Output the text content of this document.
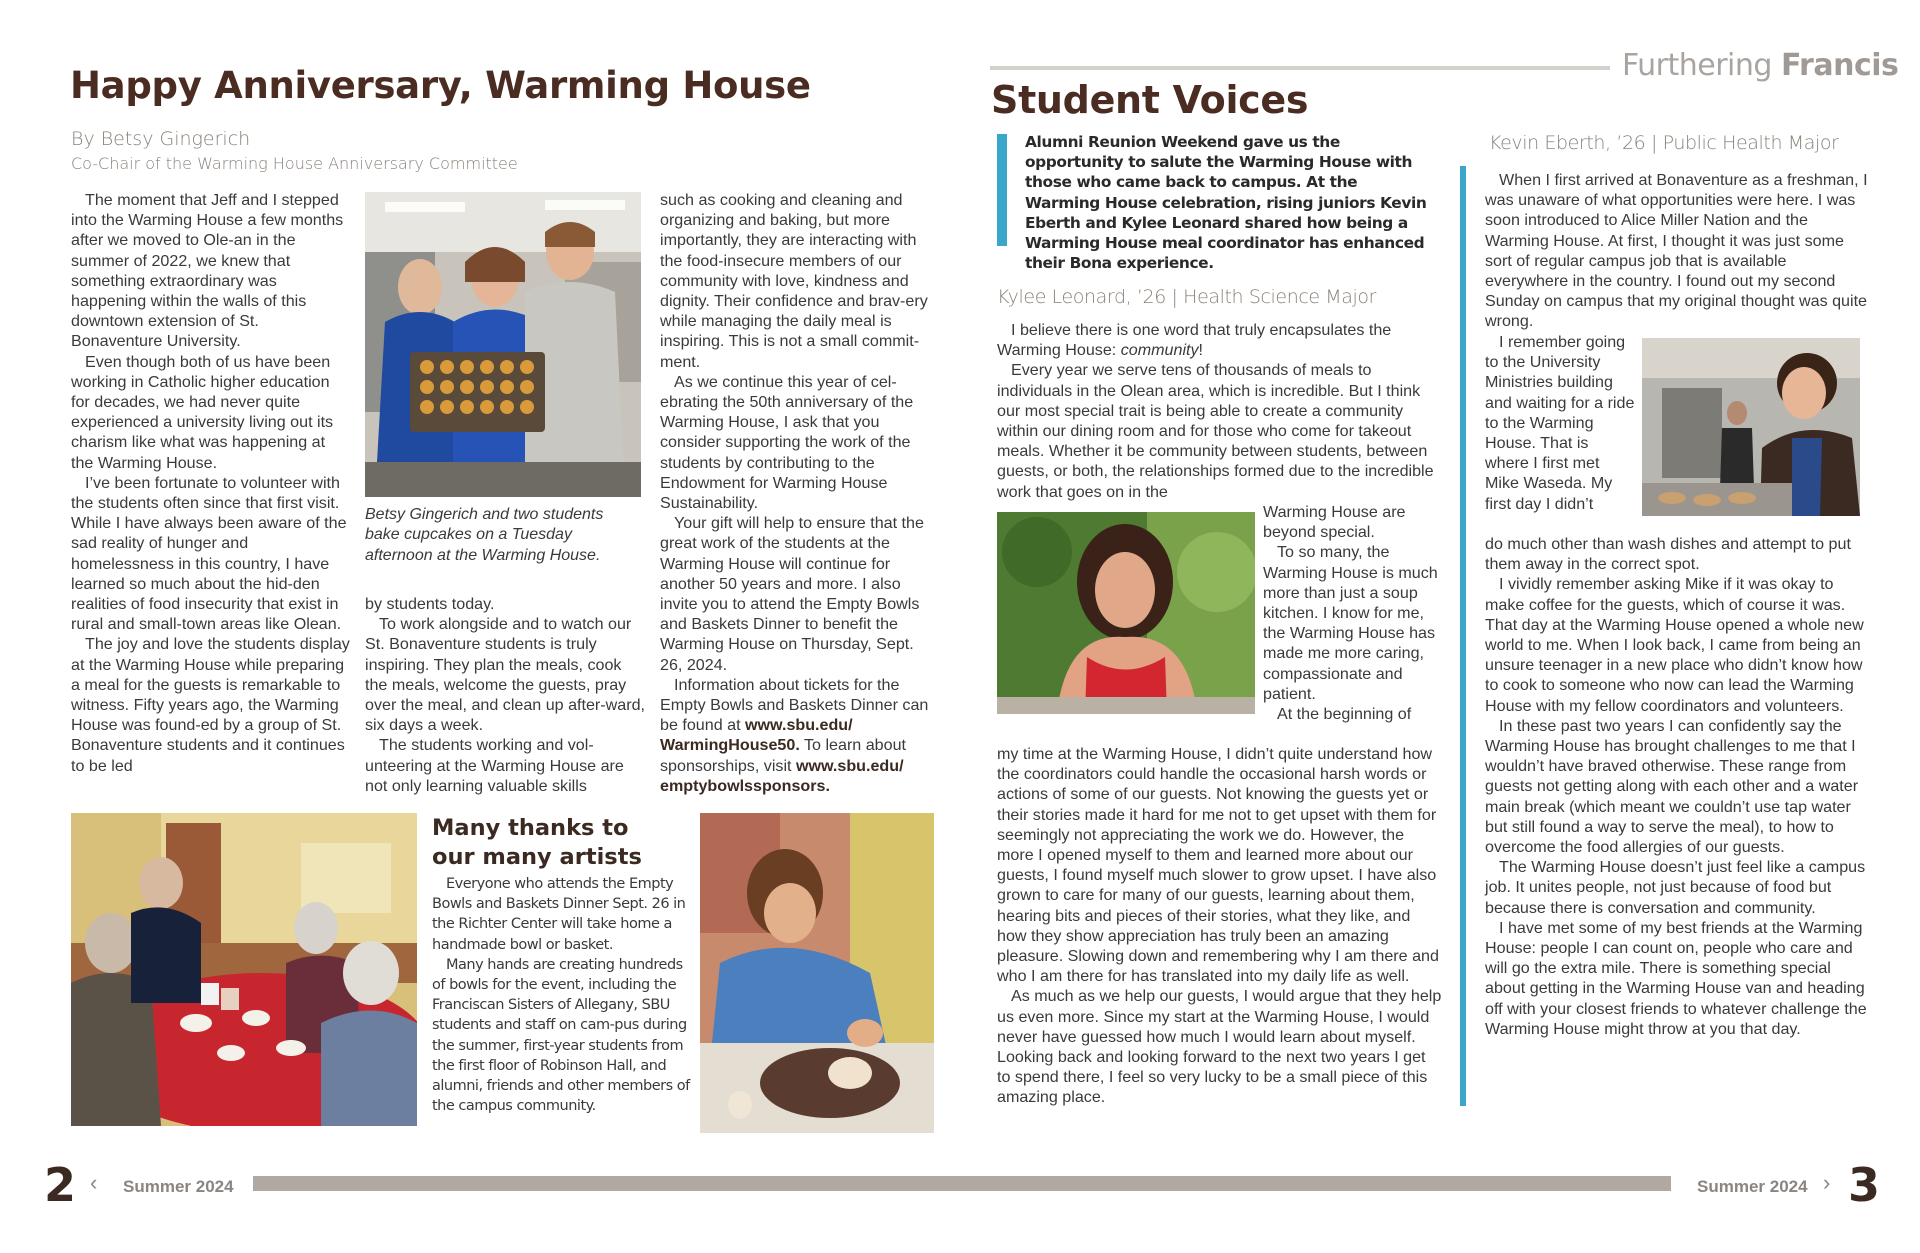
Happy Anniversary, Warming House
By Betsy Gingerich
Co-Chair of the Warming House Anniversary Committee

The moment that Jeff and I stepped into the Warming House a few months after we moved to Ole-an in the summer of 2022, we knew that something extraordinary was happening within the walls of this downtown extension of St. Bonaventure University.

Even though both of us have been working in Catholic higher education for decades, we had never quite experienced a university living out its charism like what was happening at the Warming House.

I’ve been fortunate to volunteer with the students often since that first visit. While I have always been aware of the sad reality of hunger and homelessness in this country, I have learned so much about the hid-den realities of food insecurity that exist in rural and small-town areas like Olean.

The joy and love the students display at the Warming House while preparing a meal for the guests is remarkable to witness. Fifty years ago, the Warming House was found-ed by a group of St. Bonaventure students and it continues to be led

Betsy Gingerich and two students bake cupcakes on a Tuesday afternoon at the Warming House.

by students today.

To work alongside and to watch our St. Bonaventure students is truly inspiring. They plan the meals, cook the meals, welcome the guests, pray over the meal, and clean up after-ward, six days a week.

The students working and vol-unteering at the Warming House are not only learning valuable skills

such as cooking and cleaning and organizing and baking, but more importantly, they are interacting with the food-insecure members of our community with love, kindness and dignity. Their confidence and brav-ery while managing the daily meal is inspiring. This is not a small commit-ment.

As we continue this year of cel-ebrating the 50th anniversary of the Warming House, I ask that you consider supporting the work of the students by contributing to the Endowment for Warming House Sustainability.

Your gift will help to ensure that the great work of the students at the Warming House will continue for another 50 years and more. I also invite you to attend the Empty Bowls and Baskets Dinner to benefit the Warming House on Thursday, Sept. 26, 2024.

Information about tickets for the Empty Bowls and Baskets Dinner can be found at www.sbu.edu/ WarmingHouse50. To learn about sponsorships, visit www.sbu.edu/ emptybowlssponsors.

Many thanks to our many artists

Everyone who attends the Empty Bowls and Baskets Dinner Sept. 26 in the Richter Center will take home a handmade bowl or basket.

Many hands are creating hundreds of bowls for the event, including the Franciscan Sisters of Allegany, SBU students and staff on cam-pus during the summer, first-year students from the first floor of Robinson Hall, and alumni, friends and other members of the campus community.

Furthering Francis
Student Voices
Alumni Reunion Weekend gave us the opportunity to salute the Warming House with those who came back to campus. At the Warming House celebration, rising juniors Kevin Eberth and Kylee Leonard shared how being a Warming House meal coordinator has enhanced their Bona experience.
Kylee Leonard, ’26 | Health Science Major

I believe there is one word that truly encapsulates the Warming House: community!

Every year we serve tens of thousands of meals to individuals in the Olean area, which is incredible. But I think our most special trait is being able to create a community within our dining room and for those who come for takeout meals. Whether it be community between students, between guests, or both, the relationships formed due to the incredible work that goes on in the

Warming House are beyond special.

To so many, the Warming House is much more than just a soup kitchen. I know for me, the Warming House has made me more caring, compassionate and patient.

At the beginning of

my time at the Warming House, I didn’t quite understand how the coordinators could handle the occasional harsh words or actions of some of our guests. Not knowing the guests yet or their stories made it hard for me not to get upset with them for seemingly not appreciating the work we do. However, the more I opened myself to them and learned more about our guests, I found myself much slower to grow upset. I have also grown to care for many of our guests, learning about them, hearing bits and pieces of their stories, what they like, and how they show appreciation has truly been an amazing pleasure. Slowing down and remembering why I am there and who I am there for has translated into my daily life as well.

As much as we help our guests, I would argue that they help us even more. Since my start at the Warming House, I would never have guessed how much I would learn about myself. Looking back and looking forward to the next two years I get to spend there, I feel so very lucky to be a small piece of this amazing place.

Kevin Eberth, ’26 | Public Health Major

When I first arrived at Bonaventure as a freshman, I was unaware of what opportunities were here. I was soon introduced to Alice Miller Nation and the Warming House. At first, I thought it was just some sort of regular campus job that is available everywhere in the country. I found out my second Sunday on campus that my original thought was quite wrong.

I remember going to the University Ministries building and waiting for a ride to the Warming House. That is where I first met Mike Waseda. My first day I didn’t

do much other than wash dishes and attempt to put them away in the correct spot.

I vividly remember asking Mike if it was okay to make coffee for the guests, which of course it was. That day at the Warming House opened a whole new world to me. When I look back, I came from being an unsure teenager in a new place who didn’t know how to cook to someone who now can lead the Warming House with my fellow coordinators and volunteers.

In these past two years I can confidently say the Warming House has brought challenges to me that I wouldn’t have braved otherwise. These range from guests not getting along with each other and a water main break (which meant we couldn’t use tap water but still found a way to serve the meal), to how to overcome the food allergies of our guests.

The Warming House doesn’t just feel like a campus job. It unites people, not just because of food but because there is conversation and community.

I have met some of my best friends at the Warming House: people I can count on, people who care and will go the extra mile. There is something special about getting in the Warming House van and heading off with your closest friends to whatever challenge the Warming House might throw at you that day.

2 ‹ Summer 2024	Summer 2024 › 3
